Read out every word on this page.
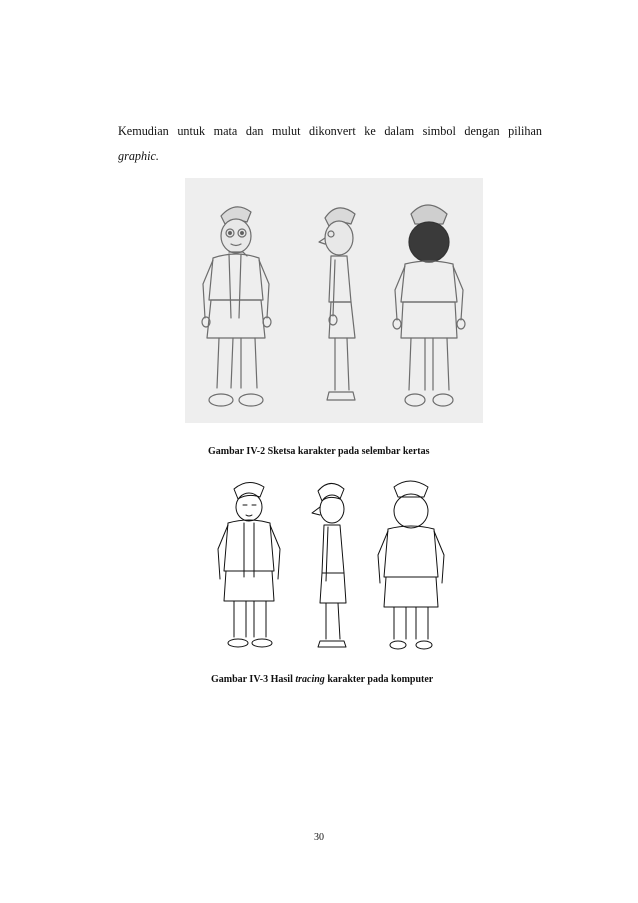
Kemudian untuk mata dan mulut dikonvert ke dalam simbol dengan pilihan
graphic.
Gambar IV-2 Sketsa karakter pada selembar kertas
Gambar IV-3 Hasil tracing karakter pada komputer
30
